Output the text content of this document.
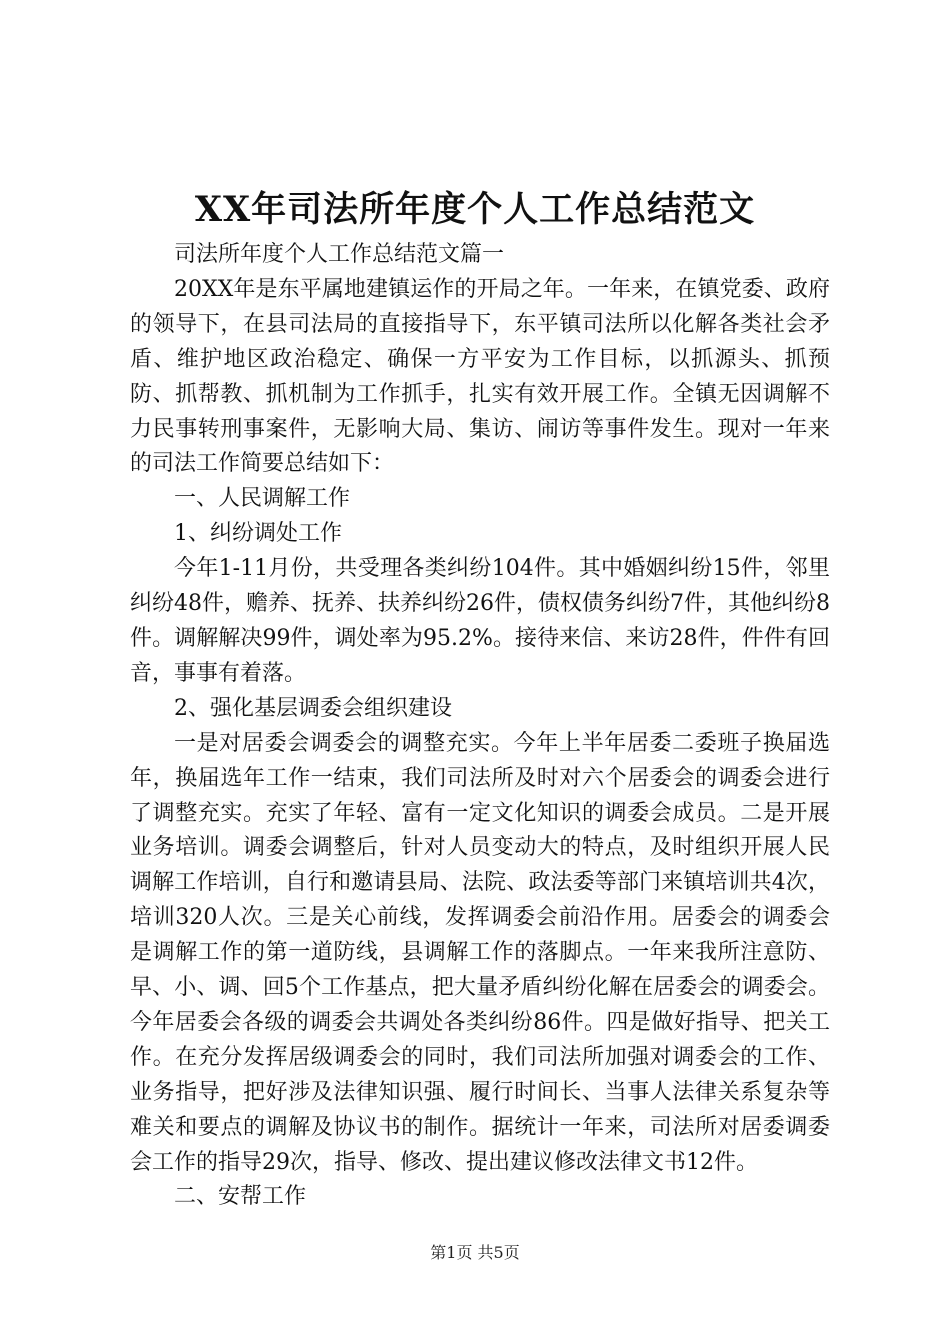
XX年司法所年度个人工作总结范文

司法所年度个人工作总结范文篇一

20XX年是东平属地建镇运作的开局之年。一年来，在镇党委、政府的领导下，在县司法局的直接指导下，东平镇司法所以化解各类社会矛盾、维护地区政治稳定、确保一方平安为工作目标，以抓源头、抓预防、抓帮教、抓机制为工作抓手，扎实有效开展工作。全镇无因调解不力民事转刑事案件，无影响大局、集访、闹访等事件发生。现对一年来的司法工作简要总结如下：

一、人民调解工作

1、纠纷调处工作

今年1-11月份，共受理各类纠纷104件。其中婚姻纠纷15件，邻里纠纷48件，赡养、抚养、扶养纠纷26件，债权债务纠纷7件，其他纠纷8件。调解解决99件，调处率为95.2%。接待来信、来访28件，件件有回音，事事有着落。

2、强化基层调委会组织建设

一是对居委会调委会的调整充实。今年上半年居委二委班子换届选年，换届选年工作一结束，我们司法所及时对六个居委会的调委会进行了调整充实。充实了年轻、富有一定文化知识的调委会成员。二是开展业务培训。调委会调整后，针对人员变动大的特点，及时组织开展人民调解工作培训，自行和邀请县局、法院、政法委等部门来镇培训共4次，培训320人次。三是关心前线，发挥调委会前沿作用。居委会的调委会是调解工作的第一道防线，县调解工作的落脚点。一年来我所注意防、早、小、调、回5个工作基点，把大量矛盾纠纷化解在居委会的调委会。今年居委会各级的调委会共调处各类纠纷86件。四是做好指导、把关工作。在充分发挥居级调委会的同时，我们司法所加强对调委会的工作、业务指导，把好涉及法律知识强、履行时间长、当事人法律关系复杂等难关和要点的调解及协议书的制作。据统计一年来，司法所对居委调委会工作的指导29次，指导、修改、提出建议修改法律文书12件。

二、安帮工作

第1页 共5页
